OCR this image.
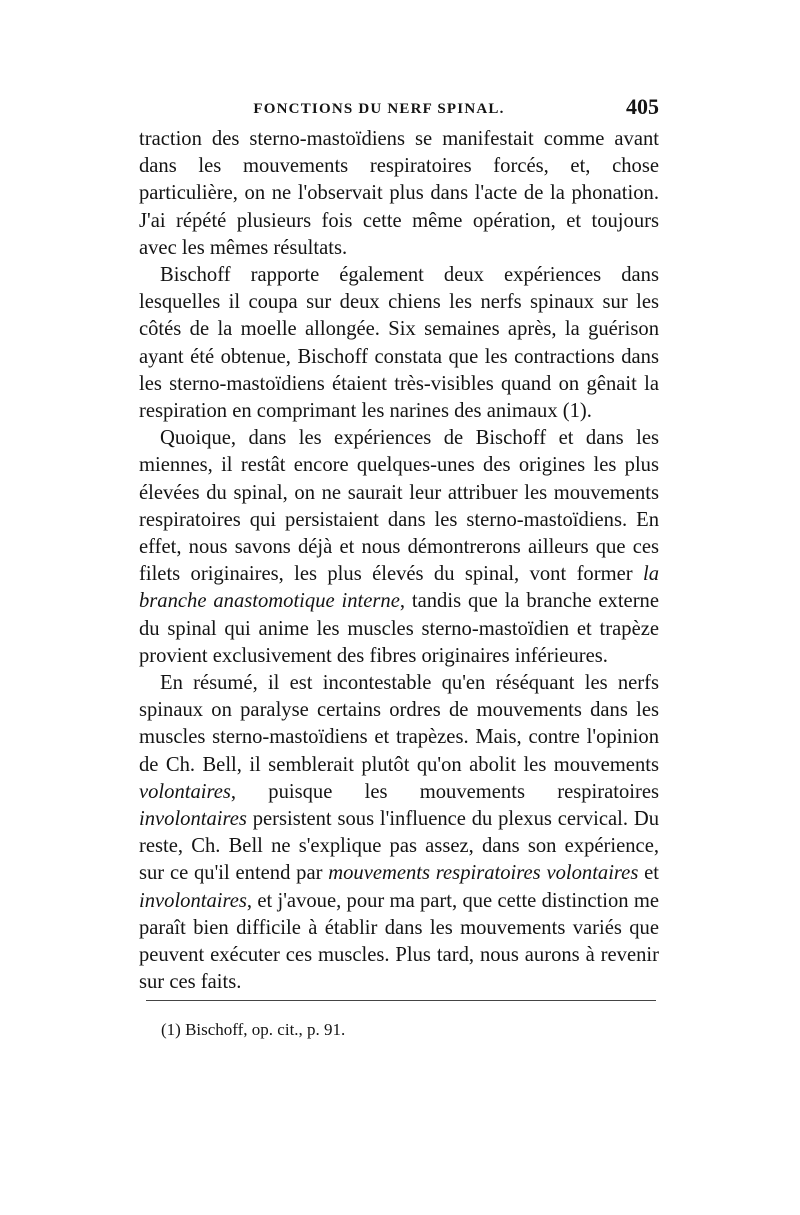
FONCTIONS DU NERF SPINAL.	405

traction des sterno-mastoïdiens se manifestait comme avant dans les mouvements respiratoires forcés, et, chose particulière, on ne l'observait plus dans l'acte de la phonation. J'ai répété plusieurs fois cette même opération, et toujours avec les mêmes résultats.

Bischoff rapporte également deux expériences dans lesquelles il coupa sur deux chiens les nerfs spinaux sur les côtés de la moelle allongée. Six semaines après, la guérison ayant été obtenue, Bischoff constata que les contractions dans les sterno-mastoïdiens étaient très-visibles quand on gênait la respiration en comprimant les narines des animaux (1).

Quoique, dans les expériences de Bischoff et dans les miennes, il restât encore quelques-unes des origines les plus élevées du spinal, on ne saurait leur attribuer les mouvements respiratoires qui persistaient dans les sterno-mastoïdiens. En effet, nous savons déjà et nous démontrerons ailleurs que ces filets originaires, les plus élevés du spinal, vont former la branche anastomotique interne, tandis que la branche externe du spinal qui anime les muscles sterno-mastoïdien et trapèze provient exclusivement des fibres originaires inférieures.

En résumé, il est incontestable qu'en réséquant les nerfs spinaux on paralyse certains ordres de mouvements dans les muscles sterno-mastoïdiens et trapèzes. Mais, contre l'opinion de Ch. Bell, il semblerait plutôt qu'on abolit les mouvements volontaires, puisque les mouvements respiratoires involontaires persistent sous l'influence du plexus cervical. Du reste, Ch. Bell ne s'explique pas assez, dans son expérience, sur ce qu'il entend par mouvements respiratoires volontaires et involontaires, et j'avoue, pour ma part, que cette distinction me paraît bien difficile à établir dans les mouvements variés que peuvent exécuter ces muscles. Plus tard, nous aurons à revenir sur ces faits.

(1) Bischoff, op. cit., p. 91.
